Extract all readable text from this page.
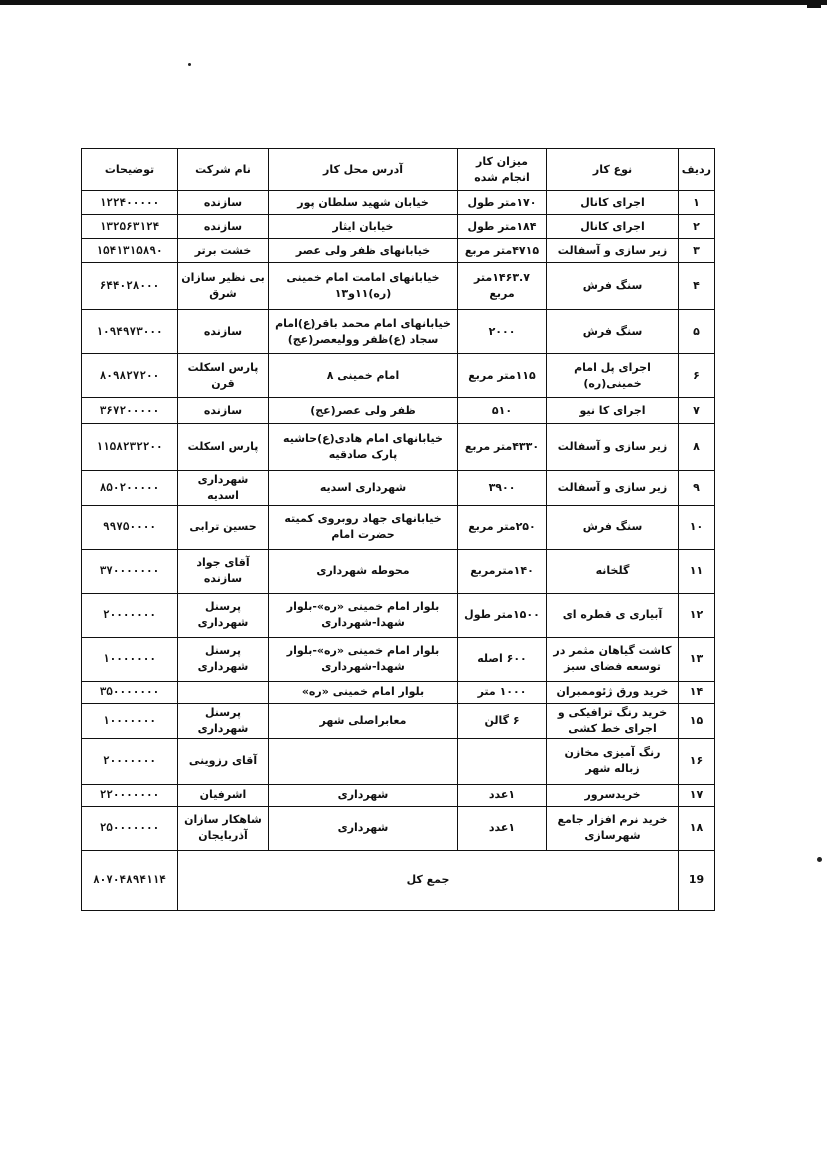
ردیف	نوع کار	میزان کار انجام شده	آدرس محل کار	نام شرکت	توضیحات
۱	اجرای کانال	۱۷۰متر طول	خیابان شهید سلطان پور	سازنده	۱۲۲۴۰۰۰۰۰
۲	اجرای کانال	۱۸۴متر طول	خیابان ایثار	سازنده	۱۳۲۵۶۳۱۲۴
۳	زیر سازی و آسفالت	۴۷۱۵متر مربع	خیابانهای ظفر ولی عصر	خشت برتر	۱۵۴۱۳۱۵۸۹۰
۴	سنگ فرش	۱۴۶۳.۷متر مربع	خیابانهای امامت امام خمینی (ره)۱۱و۱۳	بی نظیر سازان شرق	۶۴۴۰۲۸۰۰۰
۵	سنگ فرش	۲۰۰۰	خیابانهای امام محمد باقر(ع)امام سجاد (ع)ظفر وولیعصر(عج)	سازنده	۱۰۹۴۹۷۳۰۰۰
۶	اجرای پل امام خمینی(ره)	۱۱۵متر مربع	امام خمینی ۸	پارس اسکلت قرن	۸۰۹۸۲۷۲۰۰
۷	اجرای کا نیو	۵۱۰	ظفر ولی عصر(عج)	سازنده	۳۶۷۲۰۰۰۰۰
۸	زیر سازی و آسفالت	۴۳۳۰متر مربع	خیابانهای امام هادی(ع)حاشیه پارک صادقیه	پارس اسکلت	۱۱۵۸۲۳۲۲۰۰
۹	زیر سازی و آسفالت	۳۹۰۰	شهرداری اسدیه	شهرداری اسدیه	۸۵۰۲۰۰۰۰۰
۱۰	سنگ فرش	۲۵۰متر مربع	خیابانهای جهاد روبروی کمیته حضرت امام	حسین ترابی	۹۹۷۵۰۰۰۰
۱۱	گلخانه	۱۴۰مترمربع	محوطه شهرداری	آقای جواد سازنده	۳۷۰۰۰۰۰۰۰
۱۲	آبیاری ی قطره ای	۱۵۰۰متر طول	بلوار امام خمینی «ره»-بلوار شهدا-شهرداری	پرسنل شهرداری	۲۰۰۰۰۰۰۰
۱۳	کاشت گیاهان مثمر در توسعه فضای سبز	۶۰۰ اصله	بلوار امام خمینی «ره»-بلوار شهدا-شهرداری	پرسنل شهرداری	۱۰۰۰۰۰۰۰
۱۴	خرید ورق ژئوممبران	۱۰۰۰ متر	بلوار امام خمینی «ره»		۳۵۰۰۰۰۰۰۰
۱۵	خرید رنگ ترافیکی و اجرای خط کشی	۶ گالن	معابراصلی شهر	پرسنل شهرداری	۱۰۰۰۰۰۰۰
۱۶	رنگ آمیزی مخازن زباله شهر			آقای رزوینی	۲۰۰۰۰۰۰۰
۱۷	خریدسرور	۱عدد	شهرداری	اشرفیان	۲۲۰۰۰۰۰۰۰
۱۸	خرید نرم افزار جامع شهرسازی	۱عدد	شهرداری	شاهکار سازان آذربایجان	۲۵۰۰۰۰۰۰۰
19	جمع کل				۸۰۷۰۴۸۹۴۱۱۴
